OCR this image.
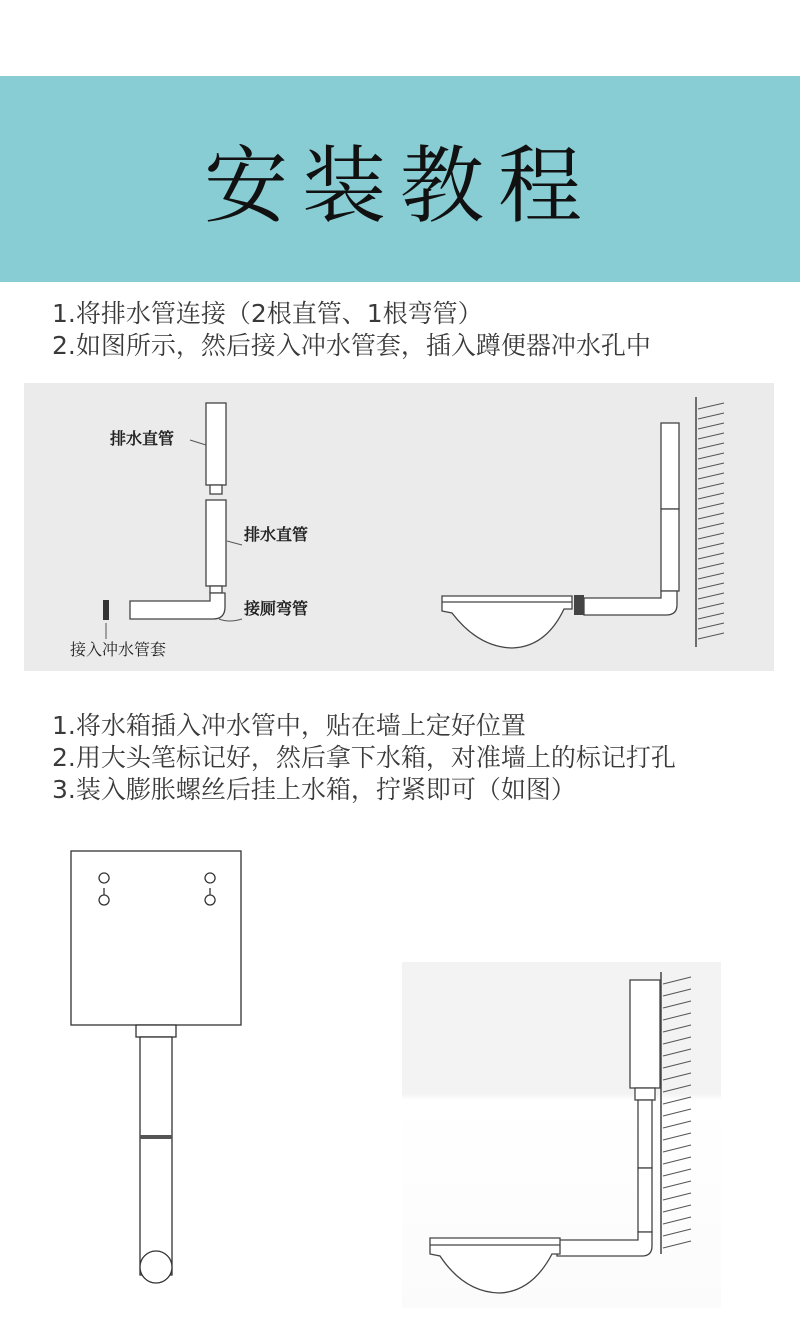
安装教程
1.将排水管连接（2根直管、1根弯管）
2.如图所示，然后接入冲水管套，插入蹲便器冲水孔中
排水直管
排水直管
接厕弯管
接入冲水管套
1.将水箱插入冲水管中，贴在墙上定好位置
2.用大头笔标记好，然后拿下水箱，对准墙上的标记打孔
3.装入膨胀螺丝后挂上水箱，拧紧即可（如图）
